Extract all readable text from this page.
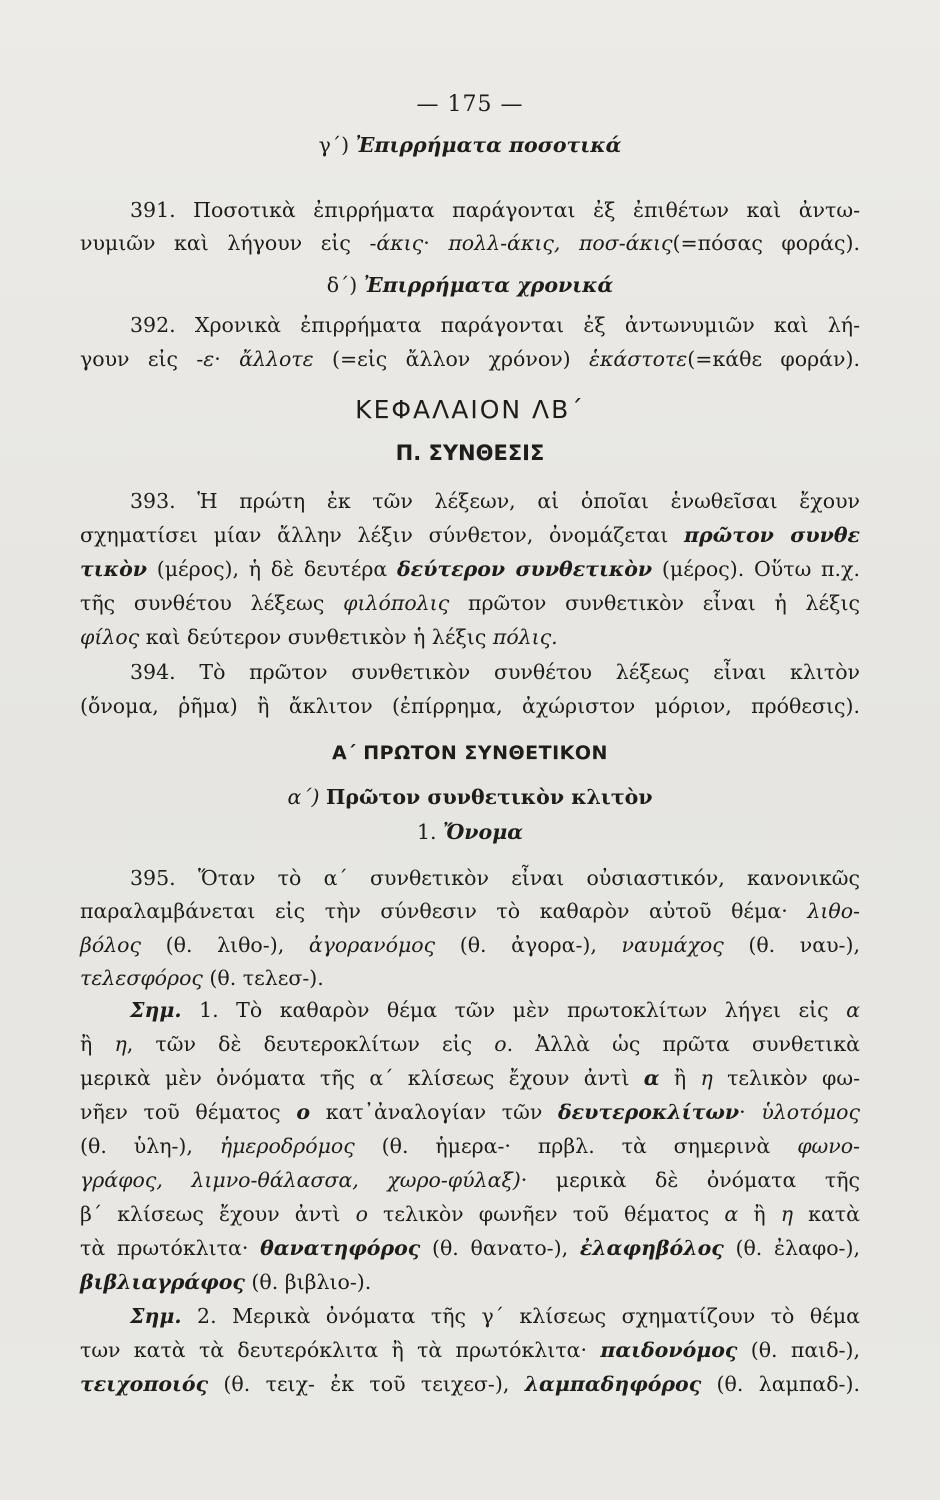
— 175 —
γ΄) Ἐπιρρήματα ποσοτικά
391. Ποσοτικὰ ἐπιρρήματα παράγονται ἐξ ἐπιθέτων καὶ ἀντω-
νυμιῶν καὶ λήγουν εἰς -άκις· πολλ-άκις, ποσ-άκις(=πόσας φοράς).
δ΄) Ἐπιρρήματα χρονικά
392. Χρονικὰ ἐπιρρήματα παράγονται ἐξ ἀντωνυμιῶν καὶ λή-
γουν εἰς -ε· ἄλλοτε (=εἰς ἄλλον χρόνον) ἑκάστοτε(=κάθε φοράν).
ΚΕΦΑΛΑΙΟΝ ΛΒ΄
Π. ΣΥΝΘΕΣΙΣ
393. Ἡ πρώτη ἐκ τῶν λέξεων, αἱ ὁποῖαι ἑνωθεῖσαι ἔχουν
σχηματίσει μίαν ἄλλην λέξιν σύνθετον, ὀνομάζεται πρῶτον συνθε
τικὸν (μέρος), ἡ δὲ δευτέρα δεύτερον συνθετικὸν (μέρος). Οὕτω π.χ.
τῆς συνθέτου λέξεως φιλόπολις πρῶτον συνθετικὸν εἶναι ἡ λέξις
φίλος καὶ δεύτερον συνθετικὸν ἡ λέξις πόλις.
394. Τὸ πρῶτον συνθετικὸν συνθέτου λέξεως εἶναι κλιτὸν
(ὄνομα, ῥῆμα) ἢ ἄκλιτον (ἐπίρρημα, ἀχώριστον μόριον, πρόθεσις).
Α΄ ΠΡΩΤΟΝ ΣΥΝΘΕΤΙΚΟΝ
α΄) Πρῶτον συνθετικὸν κλιτὸν
1. Ὄνομα
395. Ὅταν τὸ α΄ συνθετικὸν εἶναι οὐσιαστικόν, κανονικῶς
παραλαμβάνεται εἰς τὴν σύνθεσιν τὸ καθαρὸν αὐτοῦ θέμα· λιθο-
βόλος (θ. λιθο-), ἀγορανόμος (θ. ἀγορα-), ναυμάχος (θ. ναυ-),
τελεσφόρος (θ. τελεσ-).
Σημ. 1. Τὸ καθαρὸν θέμα τῶν μὲν πρωτοκλίτων λήγει εἰς α
ἢ η, τῶν δὲ δευτεροκλίτων εἰς ο. Ἀλλὰ ὡς πρῶτα συνθετικὰ
μερικὰ μὲν ὀνόματα τῆς α΄ κλίσεως ἔχουν ἀντὶ α ἢ η τελικὸν φω-
νῆεν τοῦ θέματος ο κατ᾽ἀναλογίαν τῶν δευτεροκλίτων· ὑλοτόμος
(θ. ὑλη-), ἡμεροδρόμος (θ. ἡμερα-· πρβλ. τὰ σημερινὰ φωνο-
γράφος, λιμνο-θάλασσα, χωρο-φύλαξ)· μερικὰ δὲ ὀνόματα τῆς
β΄ κλίσεως ἔχουν ἀντὶ ο τελικὸν φωνῆεν τοῦ θέματος α ἢ η κατὰ
τὰ πρωτόκλιτα· θανατηφόρος (θ. θανατο-), ἐλαφηβόλος (θ. ἐλαφο-),
βιβλιαγράφος (θ. βιβλιο-).
Σημ. 2. Μερικὰ ὀνόματα τῆς γ΄ κλίσεως σχηματίζουν τὸ θέμα
των κατὰ τὰ δευτερόκλιτα ἢ τὰ πρωτόκλιτα· παιδονόμος (θ. παιδ-),
τειχοποιός (θ. τειχ- ἐκ τοῦ τειχεσ-), λαμπαδηφόρος (θ. λαμπαδ-).
